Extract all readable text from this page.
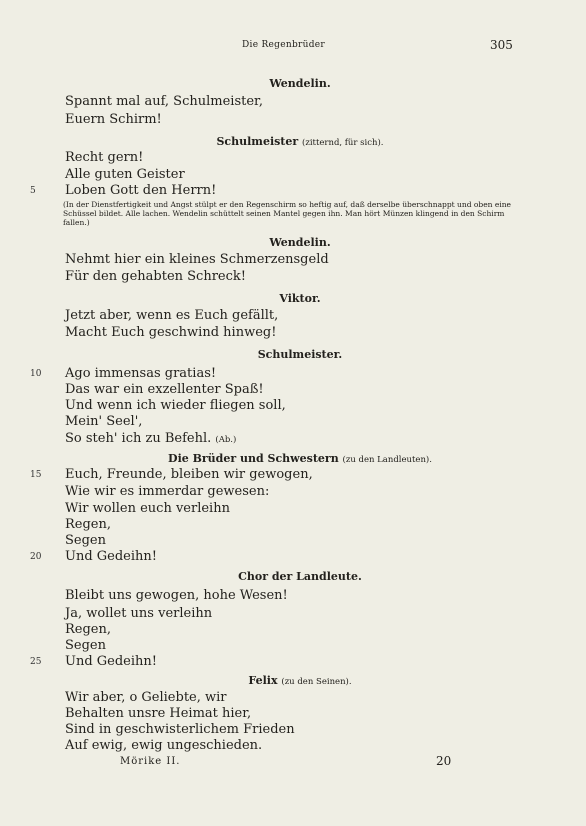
Die Regenbrüder	305
Wendelin.
Spannt mal auf, Schulmeister,
Euern Schirm!
Schulmeister (zitternd, für sich).
Recht gern!
Alle guten Geister
5 Loben Gott den Herrn!
(In der Dienstfertigkeit und Angst stülpt er den Regenschirm so heftig auf, daß derselbe überschnappt und oben eine Schüssel bildet. Alle lachen. Wendelin schüttelt seinen Mantel gegen ihn. Man hört Münzen klingend in den Schirm fallen.)
Wendelin.
Nehmt hier ein kleines Schmerzensgeld
Für den gehabten Schreck!
Viktor.
Jetzt aber, wenn es Euch gefällt,
Macht Euch geschwind hinweg!
Schulmeister.
10 Ago immensas gratias!
Das war ein exzellenter Spaß!
Und wenn ich wieder fliegen soll,
Mein' Seel',
So steh' ich zu Befehl. (Ab.)
Die Brüder und Schwestern (zu den Landleuten).
15 Euch, Freunde, bleiben wir gewogen,
Wie wir es immerdar gewesen:
Wir wollen euch verleihn
Regen,
Segen
20 Und Gedeihn!
Chor der Landleute.
Bleibt uns gewogen, hohe Wesen!
Ja, wollet uns verleihn
Regen,
Segen
25 Und Gedeihn!
Felix (zu den Seinen).
Wir aber, o Geliebte, wir
Behalten unsre Heimat hier,
Sind in geschwisterlichem Frieden
Auf ewig, ewig ungeschieden.
Mörike II.	20
